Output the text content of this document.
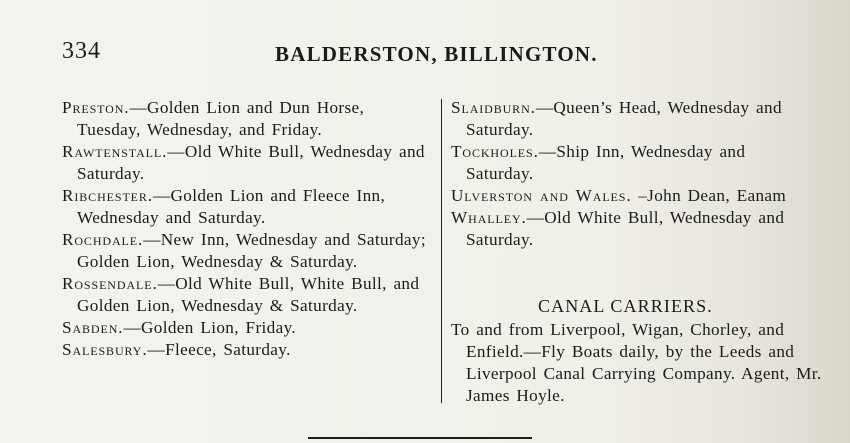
334	BALDERSTON, BILLINGTON.

Preston.—Golden Lion and Dun Horse, Tuesday, Wednesday, and Friday.

Rawtenstall.—Old White Bull, Wednesday and Saturday.

Ribchester.—Golden Lion and Fleece Inn, Wednesday and Saturday.

Rochdale.—New Inn, Wednesday and Saturday; Golden Lion, Wednesday & Saturday.

Rossendale.—Old White Bull, White Bull, and Golden Lion, Wednesday & Saturday.

Sabden.—Golden Lion, Friday.

Salesbury.—Fleece, Saturday.

Slaidburn.—Queen’s Head, Wednesday and Saturday.

Tockholes.—Ship Inn, Wednesday and Saturday.

Ulverston and Wales. –John Dean, Eanam

Whalley.—Old White Bull, Wednesday and Saturday.

CANAL CARRIERS.
To and from Liverpool, Wigan, Chorley, and Enfield.—Fly Boats daily, by the Leeds and Liverpool Canal Carrying Company. Agent, Mr. James Hoyle.
